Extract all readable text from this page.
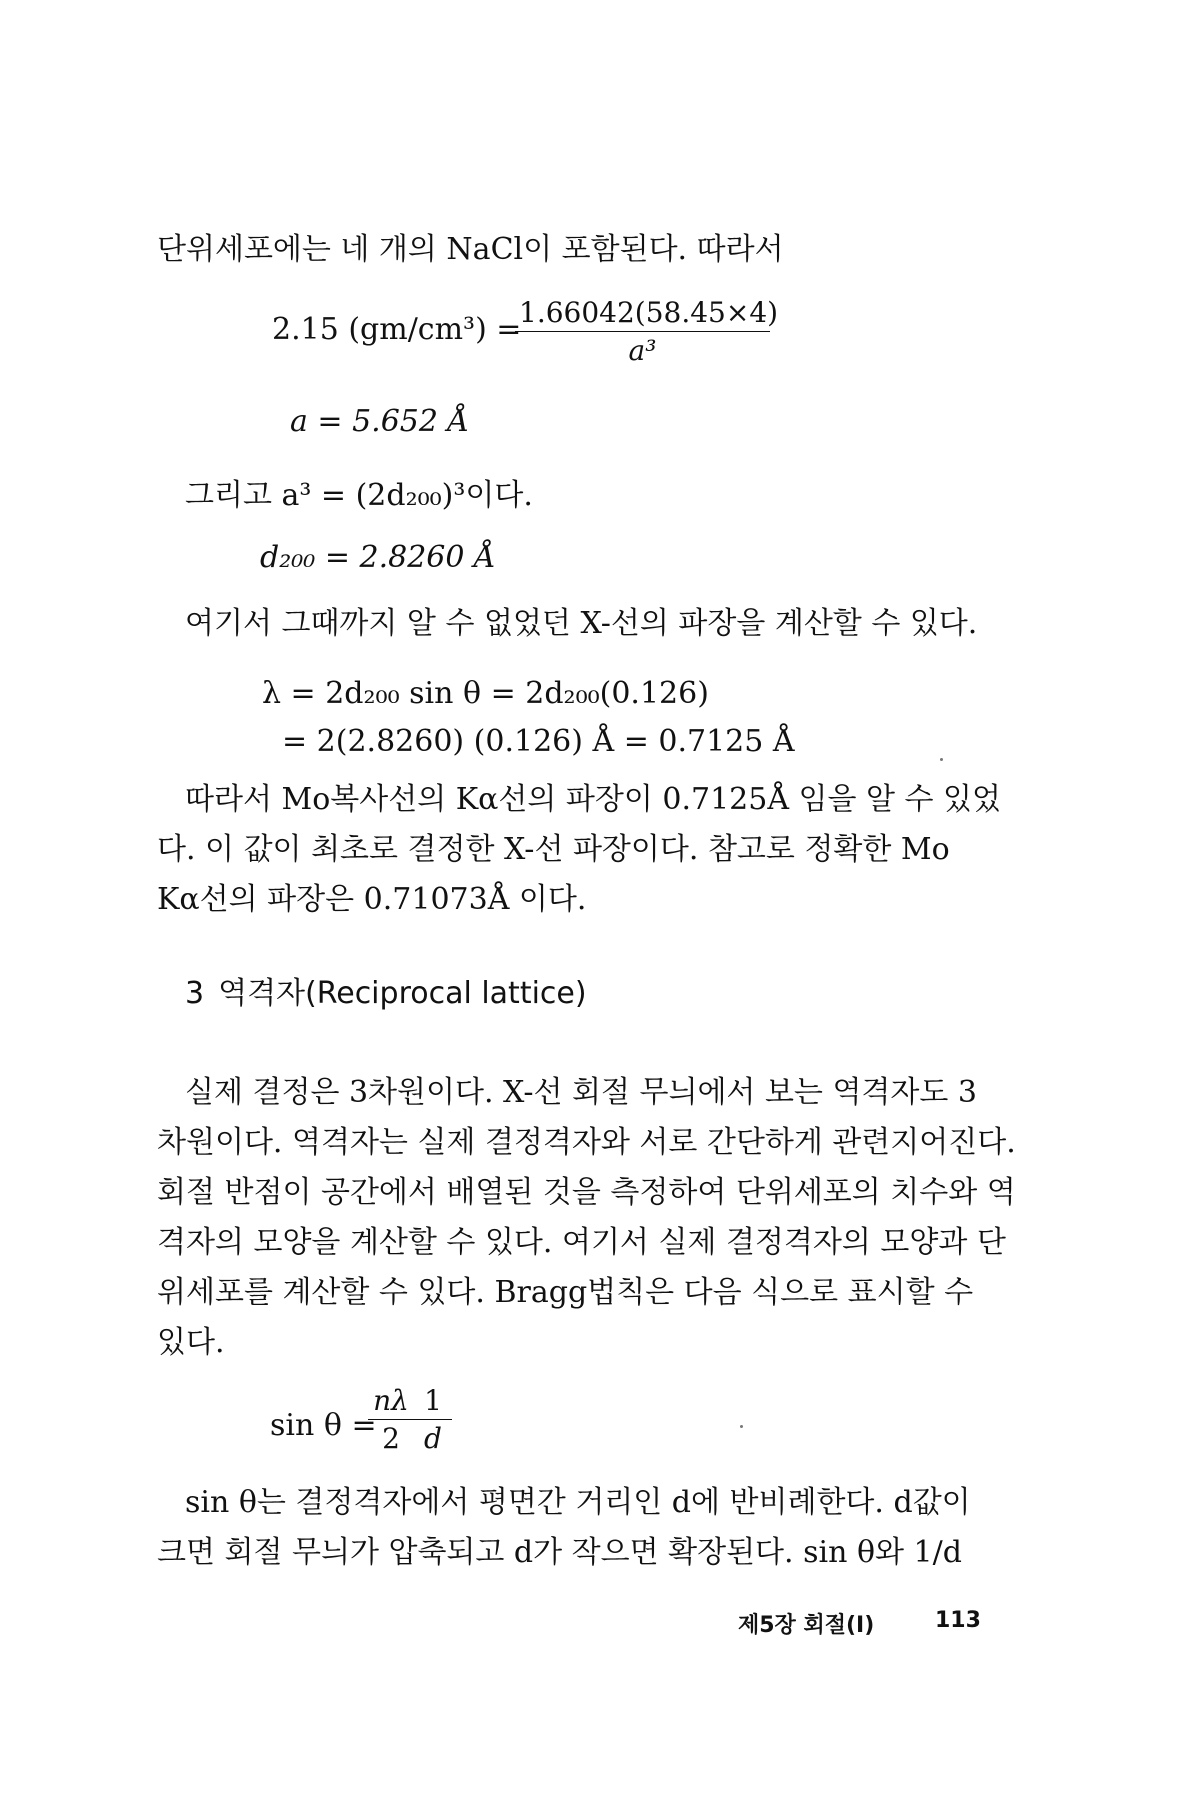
단위세포에는 네 개의 NaCl이 포함된다. 따라서
2.15 (gm/cm³) =
$\frac{1.66042(58.45\times 4)}{\text{a³}}$
a = 5.652 Å
그리고 a³ = (2d₂₀₀)³이다.
d₂₀₀ = 2.8260 Å
여기서 그때까지 알 수 없었던 X-선의 파장을 계산할 수 있다.
λ = 2d₂₀₀ sin θ = 2d₂₀₀(0.126)
= 2(2.8260) (0.126) Å = 0.7125 Å
따라서 Mo복사선의 Kα선의 파장이 0.7125Å 임을 알 수 있었
다. 이 값이 최초로 결정한 X-선 파장이다. 참고로 정확한 Mo
Kα선의 파장은 0.71073Å 이다.
3 역격자(Reciprocal lattice)
실제 결정은 3차원이다. X-선 회절 무늬에서 보는 역격자도 3
차원이다. 역격자는 실제 결정격자와 서로 간단하게 관련지어진다.
회절 반점이 공간에서 배열된 것을 측정하여 단위세포의 치수와 역
격자의 모양을 계산할 수 있다. 여기서 실제 결정격자의 모양과 단
위세포를 계산할 수 있다. Bragg법칙은 다음 식으로 표시할 수
있다.
sin θ =
$\frac{n\lambda}{2} \frac{1}{d}$
sin θ는 결정격자에서 평면간 거리인 d에 반비례한다. d값이
크면 회절 무늬가 압축되고 d가 작으면 확장된다. sin θ와 1/d
제5장 회절(I)	113
